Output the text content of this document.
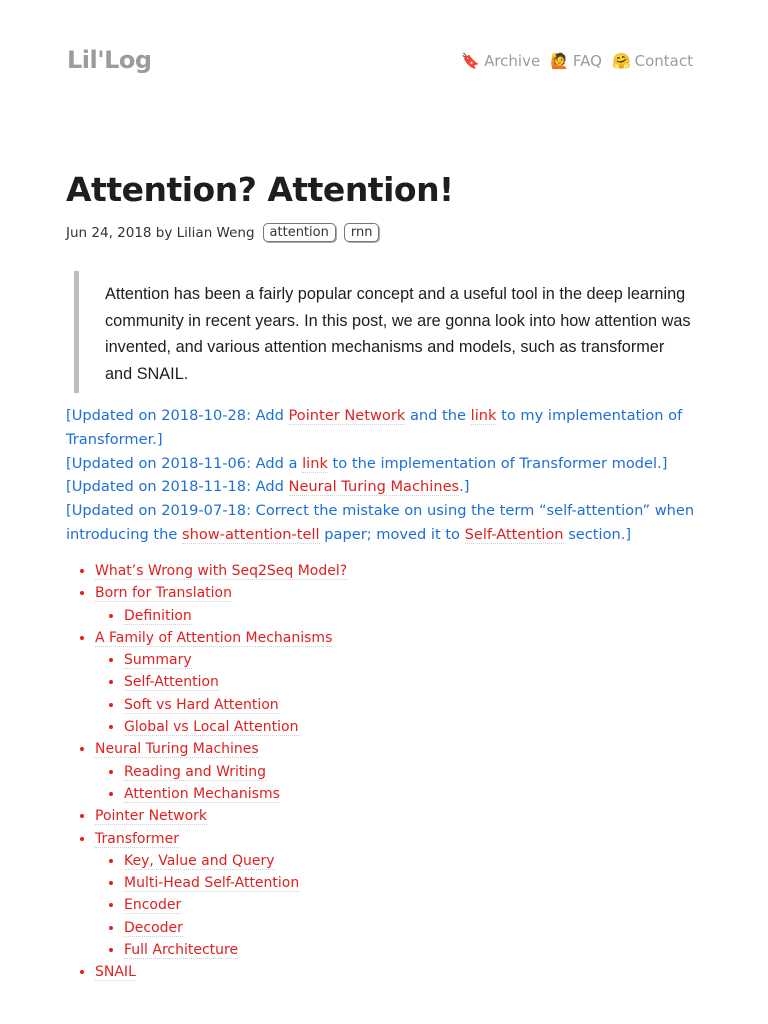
Lil'Log	🔖 Archive 🙋 FAQ 🤗 Contact
Attention? Attention!
Jun 24, 2018 by Lilian Weng	attention	rnn
Attention has been a fairly popular concept and a useful tool in the deep learning community in recent years. In this post, we are gonna look into how attention was invented, and various attention mechanisms and models, such as transformer and SNAIL.
[Updated on 2018-10-28: Add Pointer Network and the link to my implementation of Transformer.]
[Updated on 2018-11-06: Add a link to the implementation of Transformer model.]
[Updated on 2018-11-18: Add Neural Turing Machines.]
[Updated on 2019-07-18: Correct the mistake on using the term “self-attention” when introducing the show-attention-tell paper; moved it to Self-Attention section.]
• What’s Wrong with Seq2Seq Model?
• Born for Translation
• Definition
• A Family of Attention Mechanisms
• Summary
• Self-Attention
• Soft vs Hard Attention
• Global vs Local Attention
• Neural Turing Machines
• Reading and Writing
• Attention Mechanisms
• Pointer Network
• Transformer
• Key, Value and Query
• Multi-Head Self-Attention
• Encoder
• Decoder
• Full Architecture
• SNAIL
